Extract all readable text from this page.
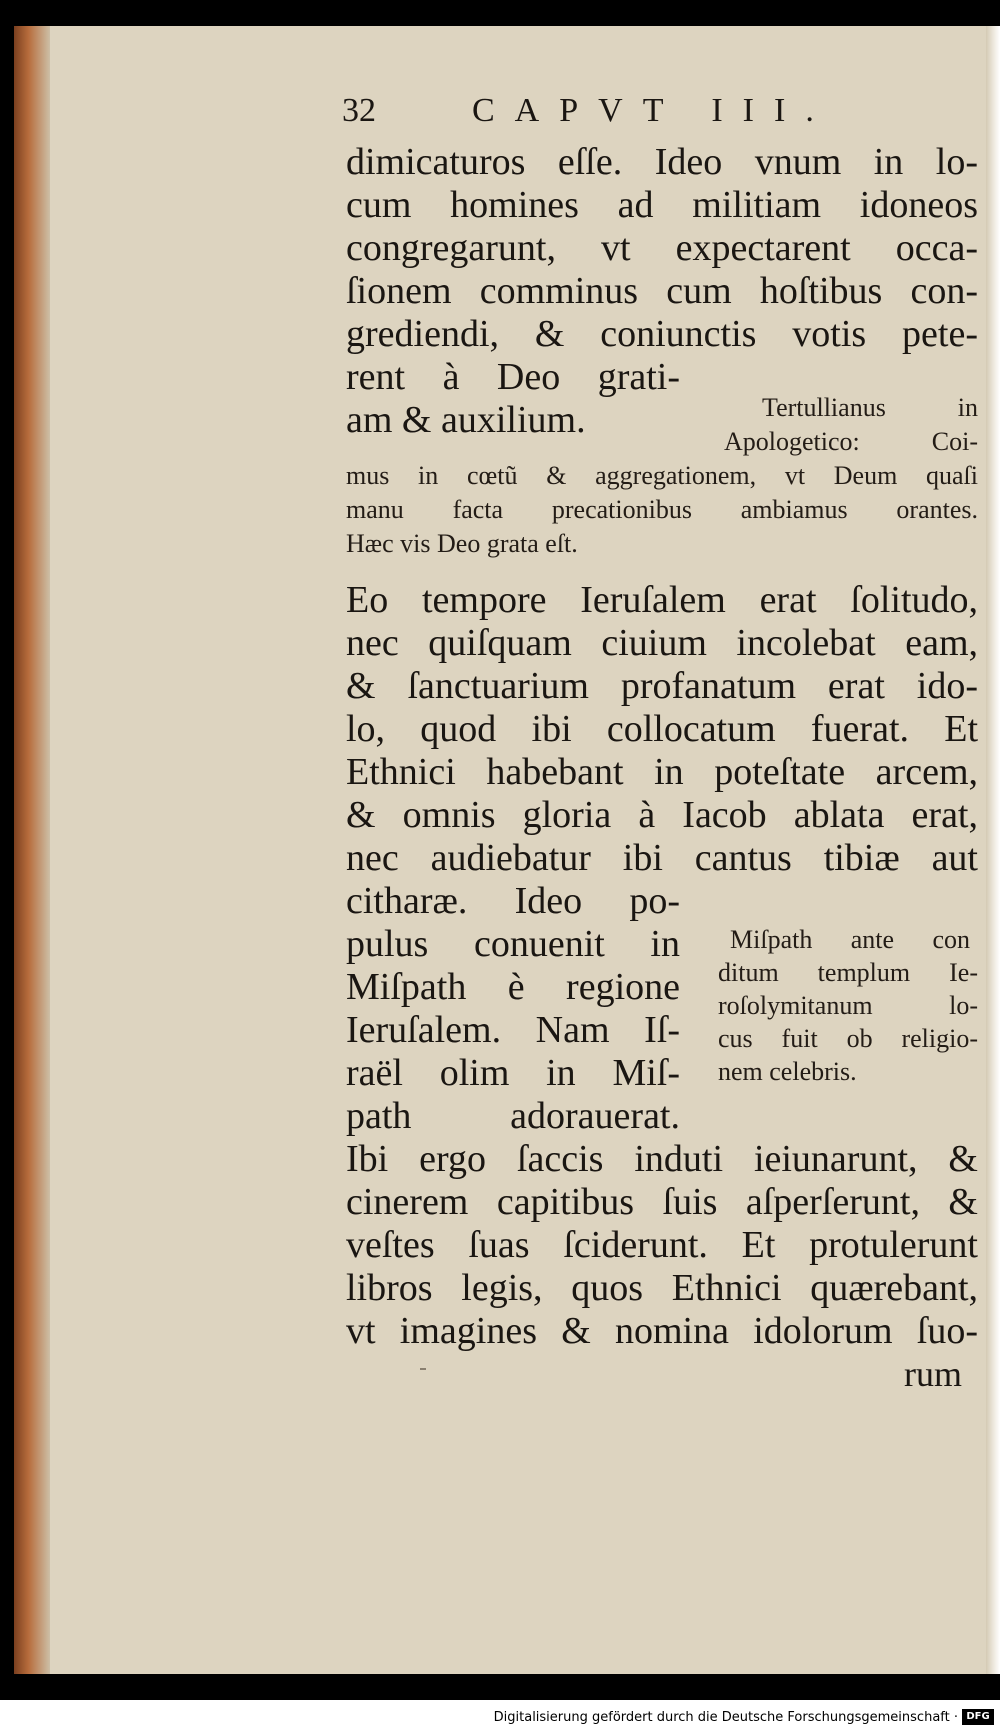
32	CAPVT III.
dimicaturos eſſe. Ideo vnum in lo-
cum homines ad militiam idoneos
congregarunt, vt expectarent occa-
ſionem comminus cum hoſtibus con-
grediendi, & coniunctis votis pete-
rent à Deo grati-
am & auxilium.	Tertullianus in
Apologetico: Coi-
mus in cœtũ & aggregationem, vt Deum quaſi
manu facta precationibus ambiamus orantes.
Hæc vis Deo grata eſt.
Eo tempore Ieruſalem erat ſolitudo,
nec quiſquam ciuium incolebat eam,
& ſanctuarium profanatum erat ido-
lo, quod ibi collocatum fuerat. Et
Ethnici habebant in poteſtate arcem,
& omnis gloria à Iacob ablata erat,
nec audiebatur ibi cantus tibiæ aut
citharæ. Ideo po-
pulus conuenit in
Miſpath è regione
Ieruſalem. Nam Iſ-
raël olim in Miſ-
path adorauerat.
Ibi ergo ſaccis induti ieiunarunt, &
cinerem capitibus ſuis aſperſerunt, &
veſtes ſuas ſciderunt. Et protulerunt
libros legis, quos Ethnici quærebant,
vt imagines & nomina idolorum ſuo-
Miſpath ante con
ditum templum Ie-
roſolymitanum lo-
cus fuit ob religio-
nem celebris.
rum
Digitalisierung gefördert durch die Deutsche Forschungsgemeinschaft · DFG
